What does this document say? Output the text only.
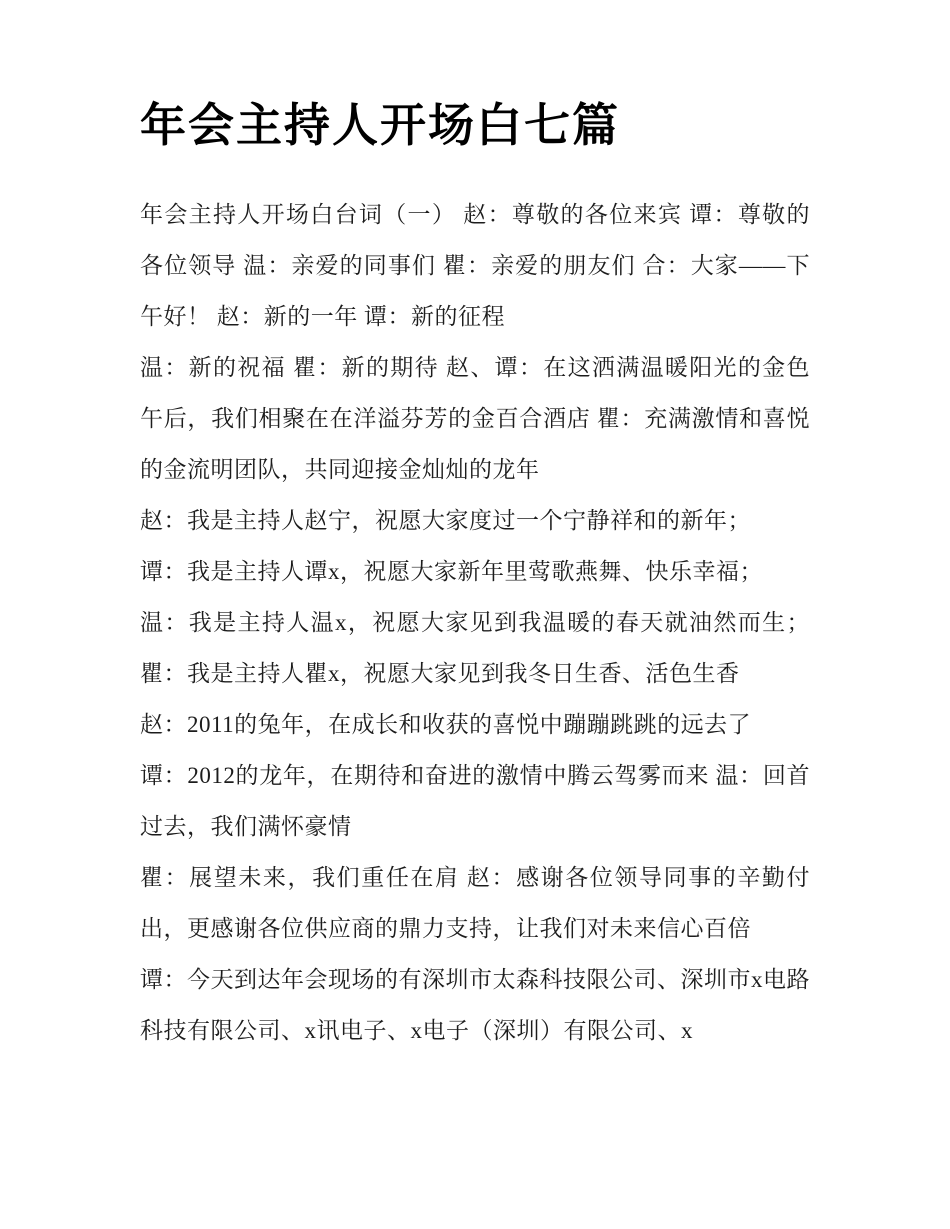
年会主持人开场白七篇

年会主持人开场白台词（一） 赵：尊敬的各位来宾 谭：尊敬的各位领导 温：亲爱的同事们 瞿：亲爱的朋友们 合：大家——下午好！ 赵：新的一年 谭：新的征程

温：新的祝福 瞿：新的期待 赵、谭：在这洒满温暖阳光的金色午后，我们相聚在在洋溢芬芳的金百合酒店 瞿：充满激情和喜悦的金流明团队，共同迎接金灿灿的龙年

赵：我是主持人赵宁，祝愿大家度过一个宁静祥和的新年；

谭：我是主持人谭x，祝愿大家新年里莺歌燕舞、快乐幸福；

温：我是主持人温x，祝愿大家见到我温暖的春天就油然而生； 瞿：我是主持人瞿x，祝愿大家见到我冬日生香、活色生香

赵：2011的兔年，在成长和收获的喜悦中蹦蹦跳跳的远去了

谭：2012的龙年，在期待和奋进的激情中腾云驾雾而来 温：回首过去，我们满怀豪情

瞿：展望未来，我们重任在肩 赵：感谢各位领导同事的辛勤付出，更感谢各位供应商的鼎力支持，让我们对未来信心百倍

谭：今天到达年会现场的有深圳市太森科技限公司、深圳市x电路科技有限公司、x讯电子、x电子（深圳）有限公司、x
